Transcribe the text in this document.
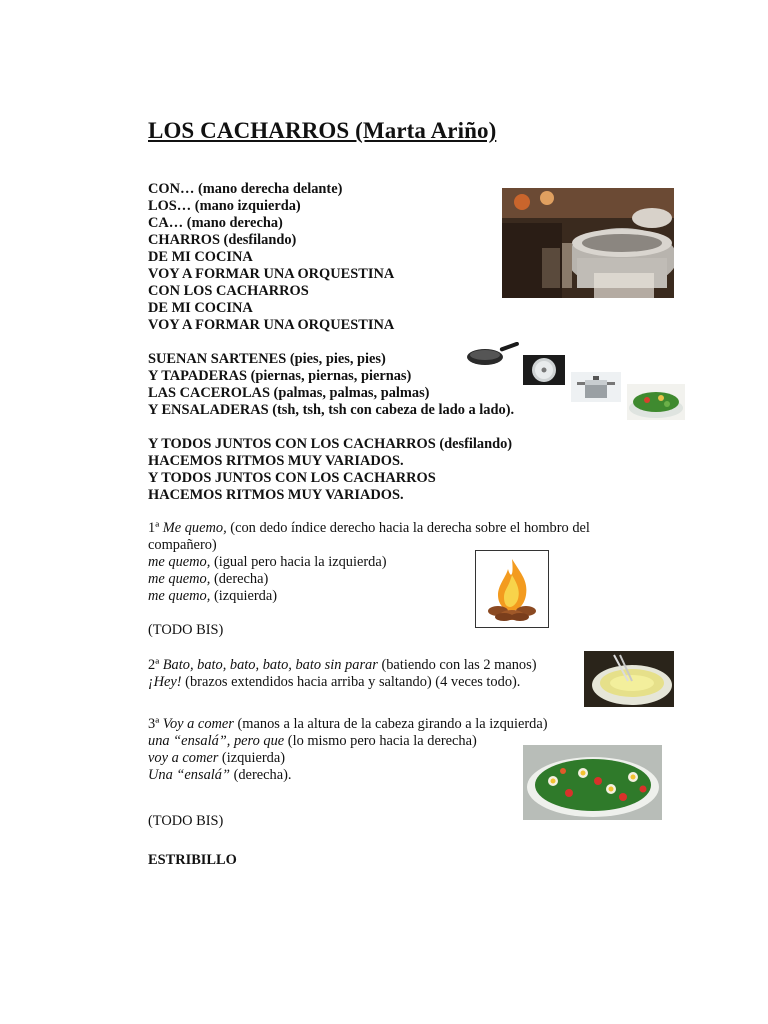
LOS CACHARROS (Marta Ariño)
CON… (mano derecha delante)
LOS… (mano izquierda)
CA… (mano derecha)
CHARROS (desfilando)
DE MI COCINA
VOY A FORMAR UNA ORQUESTINA
CON LOS CACHARROS
DE MI COCINA
VOY A FORMAR UNA ORQUESTINA
SUENAN SARTENES (pies, pies, pies)
Y TAPADERAS (piernas, piernas, piernas)
LAS CACEROLAS (palmas, palmas, palmas)
Y ENSALADERAS (tsh, tsh, tsh con cabeza de lado a lado).
Y TODOS JUNTOS CON LOS CACHARROS (desfilando)
HACEMOS RITMOS MUY VARIADOS.
Y TODOS JUNTOS CON LOS CACHARROS
HACEMOS RITMOS MUY VARIADOS.
1ª Me quemo, (con dedo índice derecho hacia la derecha sobre el hombro del
compañero)
me quemo, (igual pero hacia la izquierda)
me quemo, (derecha)
me quemo, (izquierda)
(TODO BIS)
2ª Bato, bato, bato, bato, bato sin parar (batiendo con las 2 manos)
¡Hey! (brazos extendidos hacia arriba y saltando) (4 veces todo).
3ª Voy a comer (manos a la altura de la cabeza girando a la izquierda)
una “ensalá”, pero que (lo mismo pero hacia la derecha)
voy a comer (izquierda)
Una “ensalá” (derecha).
(TODO BIS)
ESTRIBILLO
